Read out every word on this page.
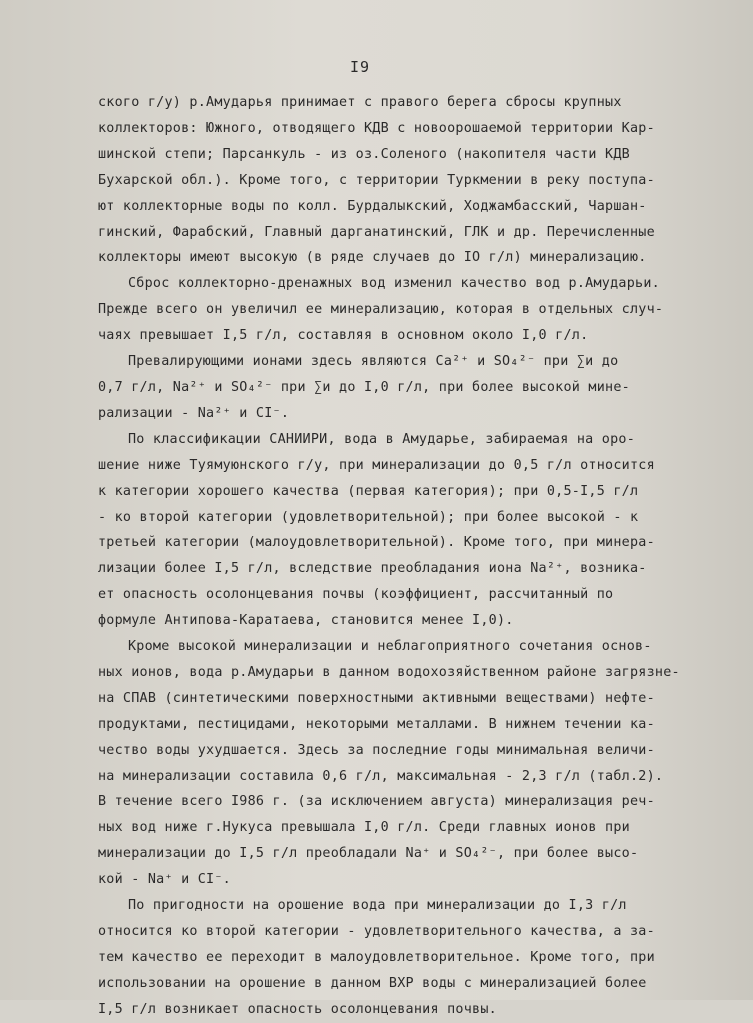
I9
ского г/у) р.Амударья принимает с правого берега сбросы крупных
коллекторов: Южного, отводящего КДВ с новоорошаемой территории Кар-
шинской степи; Парсанкуль - из оз.Соленого (накопителя части КДВ
Бухарской обл.). Кроме того, с территории Туркмении в реку поступа-
ют коллекторные воды по колл. Бурдалыкский, Ходжамбасский, Чаршан-
гинский, Фарабский, Главный дарганатинский, ГЛК и др. Перечисленные
коллекторы имеют высокую (в ряде случаев до IO г/л) минерализацию.
Сброс коллекторно-дренажных вод изменил качество вод р.Амударьи.
Прежде всего он увеличил ее минерализацию, которая в отдельных случ-
чаях превышает I,5 г/л, составляя в основном около I,0 г/л.
Превалирующими ионами здесь являются Ca²⁺ и SO₄²⁻ при ∑и до
0,7 г/л, Na²⁺ и SO₄²⁻ при ∑и до I,0 г/л, при более высокой мине-
рализации - Na²⁺ и CI⁻.
По классификации САНИИРИ, вода в Амударье, забираемая на оро-
шение ниже Туямуюнского г/у, при минерализации до 0,5 г/л относится
к категории хорошего качества (первая категория); при 0,5-I,5 г/л
- ко второй категории (удовлетворительной); при более высокой - к
третьей категории (малоудовлетворительной). Кроме того, при минера-
лизации более I,5 г/л, вследствие преобладания иона Na²⁺, возника-
ет опасность осолонцевания почвы (коэффициент, рассчитанный по
формуле Антипова-Каратаева, становится менее I,0).
Кроме высокой минерализации и неблагоприятного сочетания основ-
ных ионов, вода р.Амударьи в данном водохозяйственном районе загрязне-
на СПАВ (синтетическими поверхностными активными веществами) нефте-
продуктами, пестицидами, некоторыми металлами. В нижнем течении ка-
чество воды ухудшается. Здесь за последние годы минимальная величи-
на минерализации составила 0,6 г/л, максимальная - 2,3 г/л (табл.2).
В течение всего I986 г. (за исключением августа) минерализация реч-
ных вод ниже г.Нукуса превышала I,0 г/л. Среди главных ионов при
минерализации до I,5 г/л преобладали Na⁺ и SO₄²⁻, при более высо-
кой - Na⁺ и CI⁻.
По пригодности на орошение вода при минерализации до I,3 г/л
относится ко второй категории - удовлетворительного качества, а за-
тем качество ее переходит в малоудовлетворительное. Кроме того, при
использовании на орошение в данном ВХР воды с минерализацией более
I,5 г/л возникает опасность осолонцевания почвы.
